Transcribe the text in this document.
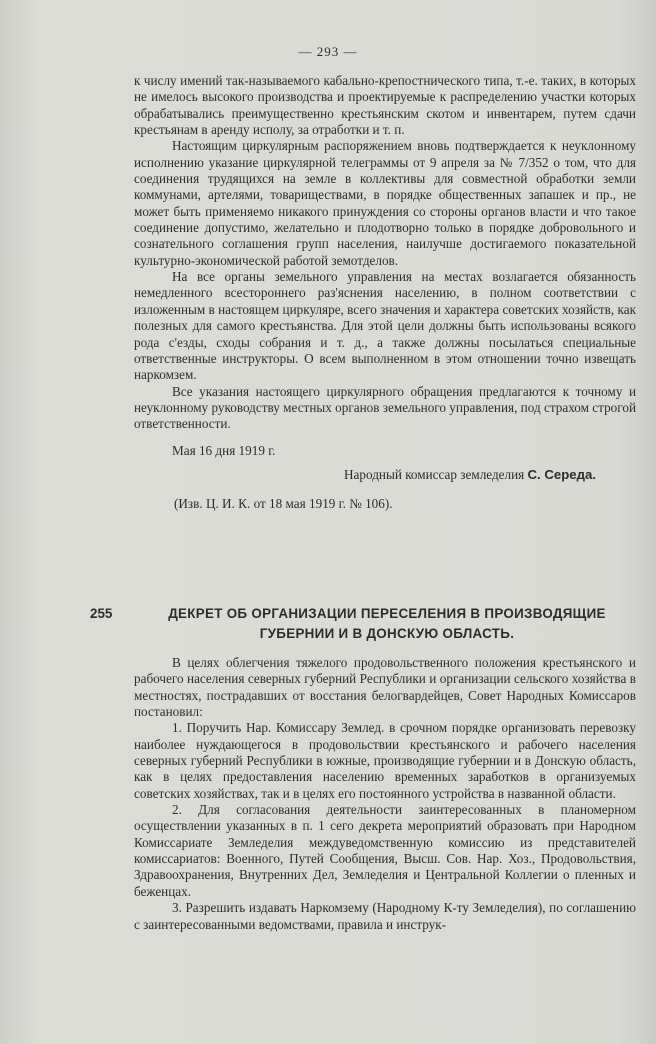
— 293 —

к числу имений так-называемого кабально-крепостнического типа, т.-е. таких, в которых не имелось высокого производства и проектируемые к распределению участки которых обрабатывались преимущественно крестьянским скотом и инвентарем, путем сдачи крестьянам в аренду исполу, за отработки и т. п.

Настоящим циркулярным распоряжением вновь подтверждается к неуклонному исполнению указание циркулярной телеграммы от 9 апреля за № 7/352 о том, что для соединения трудящихся на земле в коллективы для совместной обработки земли коммунами, артелями, товариществами, в порядке общественных запашек и пр., не может быть применяемо никакого принуждения со стороны органов власти и что такое соединение допустимо, желательно и плодотворно только в порядке добровольного и сознательного соглашения групп населения, наилучше достигаемого показательной культурно-экономической работой земотделов.

На все органы земельного управления на местах возлагается обязанность немедленного всестороннего раз'яснения населению, в полном соответствии с изложенным в настоящем циркуляре, всего значения и характера советских хозяйств, как полезных для самого крестьянства. Для этой цели должны быть использованы всякого рода с'езды, сходы собрания и т. д., а также должны посылаться специальные ответственные инструкторы. О всем выполненном в этом отношении точно извещать наркомзем.

Все указания настоящего циркулярного обращения предлагаются к точному и неуклонному руководству местных органов земельного управления, под страхом строгой ответственности.

Мая 16 дня 1919 г.

Народный комиссар земледелия С. Середа.

(Изв. Ц. И. К. от 18 мая 1919 г. № 106).

255	ДЕКРЕТ ОБ ОРГАНИЗАЦИИ ПЕРЕСЕЛЕНИЯ В ПРОИЗВОДЯЩИЕ ГУБЕРНИИ И В ДОНСКУЮ ОБЛАСТЬ.

В целях облегчения тяжелого продовольственного положения крестьянского и рабочего населения северных губерний Республики и организации сельского хозяйства в местностях, пострадавших от восстания белогвардейцев, Совет Народных Комиссаров постановил:

1. Поручить Нар. Комиссару Землед. в срочном порядке организовать перевозку наиболее нуждающегося в продовольствии крестьянского и рабочего населения северных губерний Республики в южные, производящие губернии и в Донскую область, как в целях предоставления населению временных заработков в организуемых советских хозяйствах, так и в целях его постоянного устройства в названной области.

2. Для согласования деятельности заинтересованных в планомерном осуществлении указанных в п. 1 сего декрета мероприятий образовать при Народном Комиссариате Земледелия междуведомственную комиссию из представителей комиссариатов: Военного, Путей Сообщения, Высш. Сов. Нар. Хоз., Продовольствия, Здравоохранения, Внутренних Дел, Земледелия и Центральной Коллегии о пленных и беженцах.

3. Разрешить издавать Наркомзему (Народному К-ту Земледелия), по соглашению с заинтересованными ведомствами, правила и инструк-
